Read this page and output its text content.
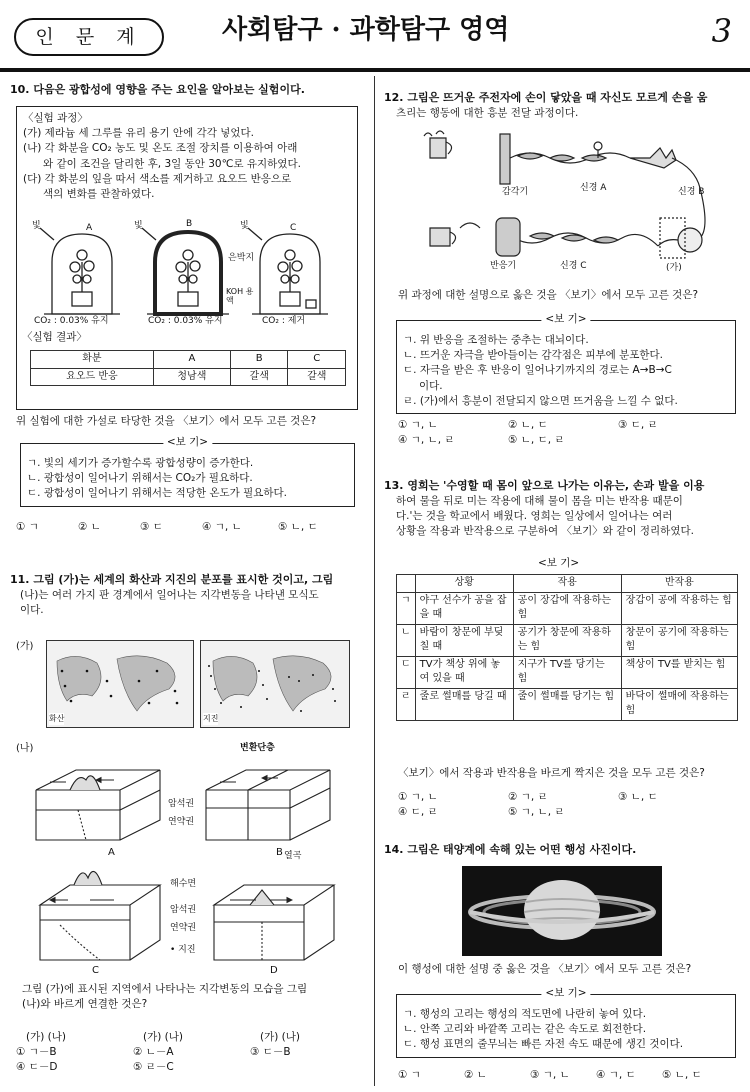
인 문 계	사회탐구 · 과학탐구 영역	3
10. 다음은 광합성에 영향을 주는 요인을 알아보는 실험이다.
〈실험 과정〉
(가) 제라늄 세 그루를 유리 용기 안에 각각 넣었다.
(나) 각 화분을 CO₂ 농도 및 온도 조절 장치를 이용하여 아래
와 같이 조건을 달리한 후, 3일 동안 30℃로 유지하였다.
(다) 각 화분의 잎을 따서 색소를 제거하고 요오드 반응으로
색의 변화를 관찰하였다.
빛	A	빛	B
은박지
빛	C
KOH 용액
CO₂ : 0.03% 유지	CO₂ : 0.03% 유지	CO₂ : 제거
〈실험 결과〉
화분	A	B	C
요오드 반응	청남색	갈색	갈색
위 실험에 대한 가설로 타당한 것을 〈보기〉에서 모두 고른 것은?
<보 기>
ㄱ. 빛의 세기가 증가할수록 광합성량이 증가한다.
ㄴ. 광합성이 일어나기 위해서는 CO₂가 필요하다.
ㄷ. 광합성이 일어나기 위해서는 적당한 온도가 필요하다.
① ㄱ	② ㄴ	③ ㄷ	④ ㄱ, ㄴ	⑤ ㄴ, ㄷ
11. 그림 (가)는 세계의 화산과 지진의 분포를 표시한 것이고, 그림
(나)는 여러 가지 판 경계에서 일어나는 지각변동을 나타낸 모식도
이다.
(가)
화산	지진
(나)	변환단층
암석권
연약권
A	B 열곡
해수면
암석권
연약권
• 지진
C	D
그림 (가)에 표시된 지역에서 나타나는 지각변동의 모습을 그림
(나)와 바르게 연결한 것은?
(가) (나)	(가) (나)	(가) (나)
① ㄱ－B	② ㄴ－A	③ ㄷ－B
④ ㄷ－D	⑤ ㄹ－C
12. 그림은 뜨거운 주전자에 손이 닿았을 때 자신도 모르게 손을 움
츠리는 행동에 대한 흥분 전달 과정이다.
감각기	신경 A	신경 B
반응기	신경 C	(가)
위 과정에 대한 설명으로 옳은 것을 〈보기〉에서 모두 고른 것은?
<보 기>
ㄱ. 위 반응을 조절하는 중추는 대뇌이다.
ㄴ. 뜨거운 자극을 받아들이는 감각점은 피부에 분포한다.
ㄷ. 자극을 받은 후 반응이 일어나기까지의 경로는 A→B→C
이다.
ㄹ. (가)에서 흥분이 전달되지 않으면 뜨거움을 느낄 수 없다.
① ㄱ, ㄴ	② ㄴ, ㄷ	③ ㄷ, ㄹ
④ ㄱ, ㄴ, ㄹ	⑤ ㄴ, ㄷ, ㄹ
13. 영희는 '수영할 때 몸이 앞으로 나가는 이유는, 손과 발을 이용
하여 물을 뒤로 미는 작용에 대해 물이 몸을 미는 반작용 때문이
다.'는 것을 학교에서 배웠다. 영희는 일상에서 일어나는 여러
상황을 작용과 반작용으로 구분하여 〈보기〉와 같이 정리하였다.
<보 기>
	상황	작용	반작용
ㄱ	야구 선수가 공을 잡을 때	공이 장갑에 작용하는 힘	장갑이 공에 작용하는 힘
ㄴ	바람이 창문에 부딪칠 때	공기가 창문에 작용하는 힘	창문이 공기에 작용하는 힘
ㄷ	TV가 책상 위에 놓여 있을 때	지구가 TV를 당기는 힘	책상이 TV를 받치는 힘
ㄹ	줄로 썰매를 당길 때	줄이 썰매를 당기는 힘	바닥이 썰매에 작용하는 힘
〈보기〉에서 작용과 반작용을 바르게 짝지은 것을 모두 고른 것은?
① ㄱ, ㄴ	② ㄱ, ㄹ	③ ㄴ, ㄷ
④ ㄷ, ㄹ	⑤ ㄱ, ㄴ, ㄹ
14. 그림은 태양계에 속해 있는 어떤 행성 사진이다.
이 행성에 대한 설명 중 옳은 것을 〈보기〉에서 모두 고른 것은?
<보 기>
ㄱ. 행성의 고리는 행성의 적도면에 나란히 놓여 있다.
ㄴ. 안쪽 고리와 바깥쪽 고리는 같은 속도로 회전한다.
ㄷ. 행성 표면의 줄무늬는 빠른 자전 속도 때문에 생긴 것이다.
① ㄱ	② ㄴ	③ ㄱ, ㄴ	④ ㄱ, ㄷ	⑤ ㄴ, ㄷ
